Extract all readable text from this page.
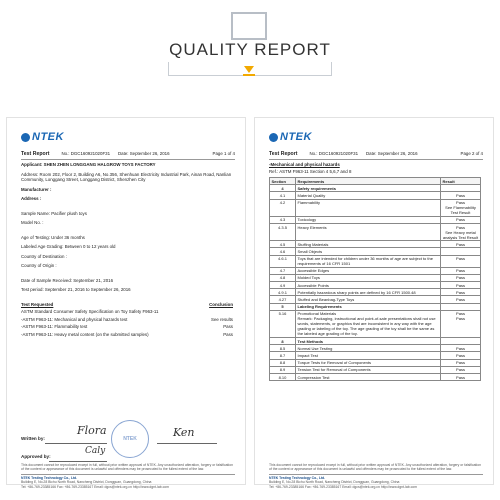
QUALITY REPORT
NTEK
Test Report	No.: DGC160921020F31 Date: September 26, 2016	Page 1 of 4
Applicant: SHEN ZHEN LONGGANG HALGROW TOYS FACTORY
Address: Room 202, Floor 2, Building A6, No.356, Shenhuan Electricity Industrial Park, Ainan Road, Nanlian Community, Longgang Street, Longgang District, Shenzhen City
Manufacturer :
Address :
Sample Name: Pacifier plush toys
Model No. :
Age of Testing: Under 36 months
Labeled Age Grading: Between 0 to 12 years old
Country of Destination :
Country of Origin :
Date of Sample Received: September 21, 2016
Test period: September 21, 2016 to September 26, 2016
Test Requested	Conclusion
ASTM Standard Consumer Safety Specification on Toy Safety F963-11
-ASTM F963-11: Mechanical and physical hazards test	See results
-ASTM F963-11: Flammability test	Pass
-ASTM F963-11: Heavy metal content (on the submitted samples)	Pass
Written by:
Flora
NTEK	Ken
Approved by:
Caly
This document cannot be reproduced except in full, without prior written approval of NTEK. Any unauthorized alteration, forgery or falsification of the content or appearance of this document is unlawful and offenders may be prosecuted to the fullest extent of the law.
NTEK Testing Technology Co., Ltd.
Building E, No.28 Bichu North Road, Nancheng District, Dongguan, Guangdong, China
Tel: +86-769-23385166 Fax: +86-769-23385167 Email: dgcs@ntek.org.cn http://www.dgnt-lab.com
NTEK
Test Report	No.: DGC160921020F31 Date: September 26, 2016	Page 2 of 4
-Mechanical and physical hazards
Ref.: ASTM F963-11 Section 4 5,6,7 and 8
Section	Requirements	Result
4	Safety requirements	
4.1	Material Quality	Pass
4.2	Flammability	Pass
See Flammability Test Result
4.3	Toxicology	Pass
4.3.5	Heavy Elements	Pass
See Heavy metal analysis Test Result
4.5	Stuffing Materials	Pass
4.6	Small Objects	
4.6.1	Toys that are intended for children under 36 months of age are subject to the requirements of 16 CFR 1501	Pass
4.7	Accessible Edges	Pass
4.8	Molded Toys	Pass
4.9	Accessible Points	Pass
4.9.1	Potentially hazardous sharp points are defined by 16 CFR 1500.48	Pass
4.27	Stuffed and Beanbag-Type Toys	Pass
5	Labeling Requirements	
5.16	Promotional Materials
Remark: Packaging, instructional and point-of-sale presentations shall not use words, statements, or graphics that are inconsistent in any way with the age grading or labeling of the toy. The age grading of the toy shall be the same as the labeled age grading of the toy.	Pass
Pass
8	Test Methods	
8.5	Normal Use Testing	Pass
8.7	Impact Test	Pass
8.8	Torque Tests for Removal of Components	Pass
8.9	Tension Test for Removal of Components	Pass
8.10	Compression Test	Pass
This document cannot be reproduced except in full, without prior written approval of NTEK. Any unauthorized alteration, forgery or falsification of the content or appearance of this document is unlawful and offenders may be prosecuted to the fullest extent of the law.
NTEK Testing Technology Co., Ltd.
Building E, No.28 Bichu North Road, Nancheng District, Dongguan, Guangdong, China
Tel: +86-769-23385166 Fax: +86-769-23385167 Email: dgcs@ntek.org.cn http://www.dgnt-lab.com
